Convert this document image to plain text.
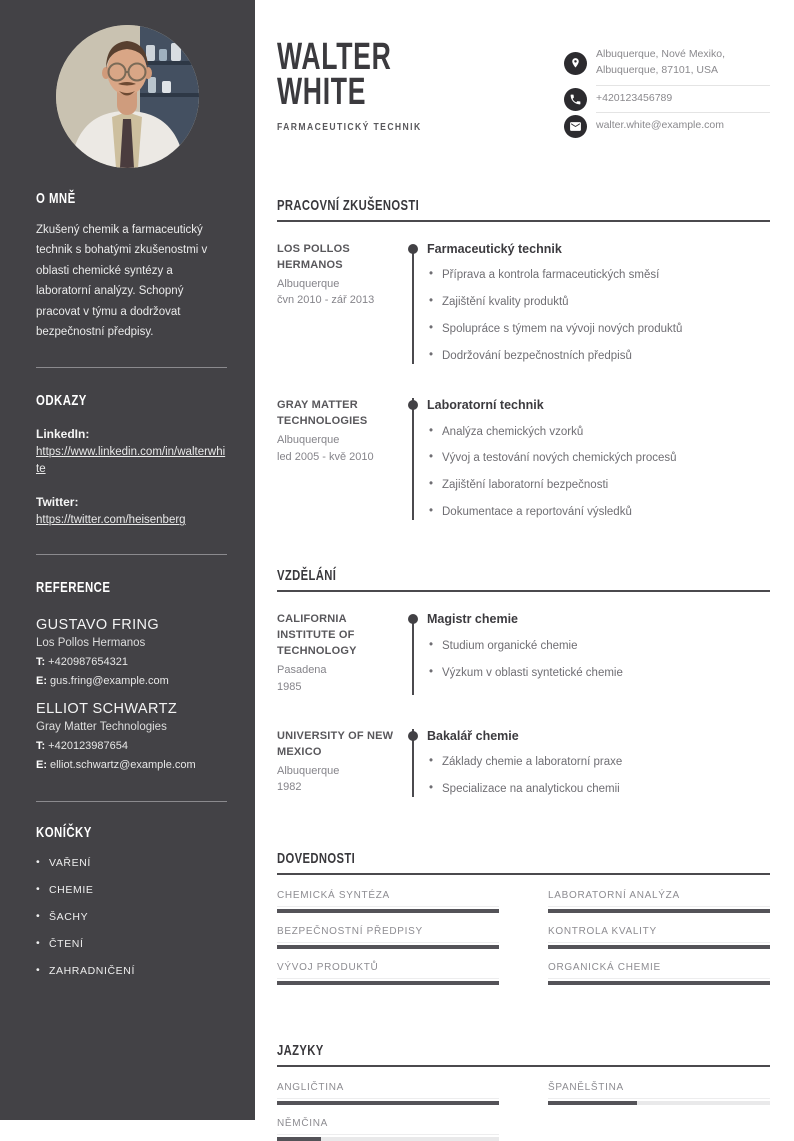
O MNĚ

Zkušený chemik a farmaceutický technik s bohatými zkušenostmi v oblasti chemické syntézy a laboratorní analýzy. Schopný pracovat v týmu a dodržovat bezpečnostní předpisy.

ODKAZY
LinkedIn:
https://www.linkedin.com/in/walterwhite
Twitter:
https://twitter.com/heisenberg
REFERENCE
GUSTAVO FRING
Los Pollos Hermanos
T: +420987654321
E: gus.fring@example.com
ELLIOT SCHWARTZ
Gray Matter Technologies
T: +420123987654
E: elliot.schwartz@example.com
KONÍČKY
• VAŘENÍ
• CHEMIE
• ŠACHY
• ČTENÍ
• ZAHRADNIČENÍ
WALTER
WHITE
FARMACEUTICKÝ TECHNIK
Albuquerque, Nové Mexiko,
Albuquerque, 87101, USA
+420123456789
walter.white@example.com
PRACOVNÍ ZKUŠENOSTI
LOS POLLOS HERMANOS
Albuquerque
čvn 2010 - zář 2013
Farmaceutický technik
• Příprava a kontrola farmaceutických směsí
• Zajištění kvality produktů
• Spolupráce s týmem na vývoji nových produktů
• Dodržování bezpečnostních předpisů
GRAY MATTER TECHNOLOGIES
Albuquerque
led 2005 - kvě 2010
Laboratorní technik
• Analýza chemických vzorků
• Vývoj a testování nových chemických procesů
• Zajištění laboratorní bezpečnosti
• Dokumentace a reportování výsledků
VZDĚLÁNÍ
CALIFORNIA INSTITUTE OF TECHNOLOGY
Pasadena
1985
Magistr chemie
• Studium organické chemie
• Výzkum v oblasti syntetické chemie
UNIVERSITY OF NEW MEXICO
Albuquerque
1982
Bakalář chemie
• Základy chemie a laboratorní praxe
• Specializace na analytickou chemii
DOVEDNOSTI
CHEMICKÁ SYNTÉZA	LABORATORNÍ ANALÝZA
BEZPEČNOSTNÍ PŘEDPISY	KONTROLA KVALITY
VÝVOJ PRODUKTŮ	ORGANICKÁ CHEMIE
JAZYKY
ANGLIČTINA	ŠPANĚLŠTINA
NĚMČINA
